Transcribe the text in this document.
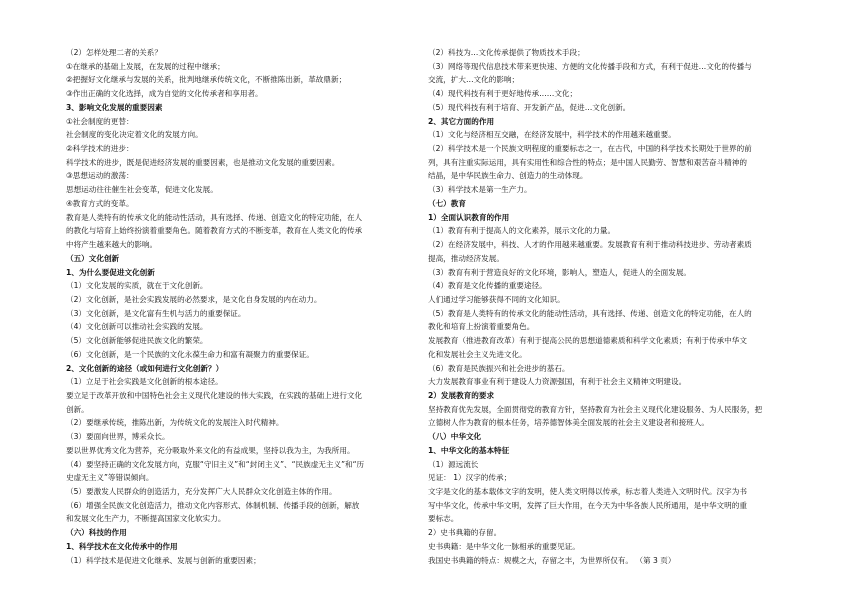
（2）怎样处理二者的关系？
①在继承的基础上发展，在发展的过程中继承；
②把握好文化继承与发展的关系，批判地继承传统文化，不断推陈出新，革故鼎新；
③作出正确的文化选择，成为自觉的文化传承者和享用者。
3、影响文化发展的重要因素
①社会制度的更替：
社会制度的变化决定着文化的发展方向。
②科学技术的进步：
科学技术的进步，既是促进经济发展的重要因素，也是推动文化发展的重要因素。
③思想运动的激荡：
思想运动往往催生社会变革，促进文化发展。
④教育方式的变革。
教育是人类特有的传承文化的能动性活动，具有选择、传递、创造文化的特定功能，在人
的教化与培育上始终扮演着重要角色。随着教育方式的不断变革，教育在人类文化的传承
中将产生越来越大的影响。
（五）文化创新
1、为什么要促进文化创新
（1）文化发展的实质，就在于文化创新。
（2）文化创新，是社会实践发展的必然要求，是文化自身发展的内在动力。
（3）文化创新，是文化富有生机与活力的重要保证。
（4）文化创新可以推动社会实践的发展。
（5）文化创新能够促进民族文化的繁荣。
（6）文化创新，是一个民族的文化永葆生命力和富有凝聚力的重要保证。
2、文化创新的途径（或如何进行文化创新？）
（1）立足于社会实践是文化创新的根本途径。
要立足于改革开放和中国特色社会主义现代化建设的伟大实践，在实践的基础上进行文化
创新。
（2）要继承传统，推陈出新，为传统文化的发展注入时代精神。
（3）要面向世界，博采众长。
要以世界优秀文化为营养，充分吸取外来文化的有益成果，坚持以我为主，为我所用。
（4）要坚持正确的文化发展方向，克服“守旧主义”和“封闭主义”、“民族虚无主义”和“历
史虚无主义”等错误倾向。
（5）要激发人民群众的创造活力，充分发挥广大人民群众文化创造主体的作用。
（6）增强全民族文化创造活力，推动文化内容形式、体制机制、传播手段的创新，解放
和发展文化生产力，不断提高国家文化软实力。
（六）科技的作用
1、科学技术在文化传承中的作用
（1）科学技术是促进文化继承、发展与创新的重要因素；
（2）科技为…文化传承提供了物质技术手段；
（3）网络等现代信息技术带来更快速、方便的文化传播手段和方式，有利于促进…文化的传播与
交流，扩大…文化的影响；
（4）现代科技有利于更好地传承……文化；
（5）现代科技有利于培育、开发新产品，促进…文化创新。
2、其它方面的作用
（1）文化与经济相互交融，在经济发展中，科学技术的作用越来越重要。
（2）科学技术是一个民族文明程度的重要标志之一，在古代，中国的科学技术长期处于世界的前
列，具有注重实际运用，具有实用性和综合性的特点；是中国人民勤劳、智慧和艰苦奋斗精神的
结晶，是中华民族生命力、创造力的生动体现。
（3）科学技术是第一生产力。
（七）教育
1）全面认识教育的作用
（1）教育有利于提高人的文化素养，展示文化的力量。
（2）在经济发展中，科技、人才的作用越来越重要。发展教育有利于推动科技进步、劳动者素质
提高，推动经济发展。
（3）教育有利于营造良好的文化环境，影响人，塑造人，促进人的全面发展。
（4）教育是文化传播的重要途径。
人们通过学习能够获得不同的文化知识。
（5）教育是人类特有的传承文化的能动性活动，具有选择、传递、创造文化的特定功能，在人的
教化和培育上扮演着重要角色。
发展教育（推进教育改革）有利于提高公民的思想道德素质和科学文化素质；有利于传承中华文
化和发展社会主义先进文化。
（6）教育是民族振兴和社会进步的基石。
大力发展教育事业有利于建设人力资源强国，有利于社会主义精神文明建设。
2）发展教育的要求
坚持教育优先发展，全面贯彻党的教育方针，坚持教育为社会主义现代化建设服务、为人民服务，把
立德树人作为教育的根本任务，培养德智体美全面发展的社会主义建设者和接班人。
（八）中华文化
1、中华文化的基本特征
（1）源远流长
见证： 1）汉字的传承；
文字是文化的基本载体文字的发明，使人类文明得以传承，标志着人类进入文明时代。汉字为书
写中华文化，传承中华文明，发挥了巨大作用，在今天为中华各族人民所通用，是中华文明的重
要标志。
2）史书典籍的存留。
史书典籍：是中华文化一脉相承的重要见证。
我国史书典籍的特点：规模之大，存留之丰，为世界所仅有。 （第 3 页）
